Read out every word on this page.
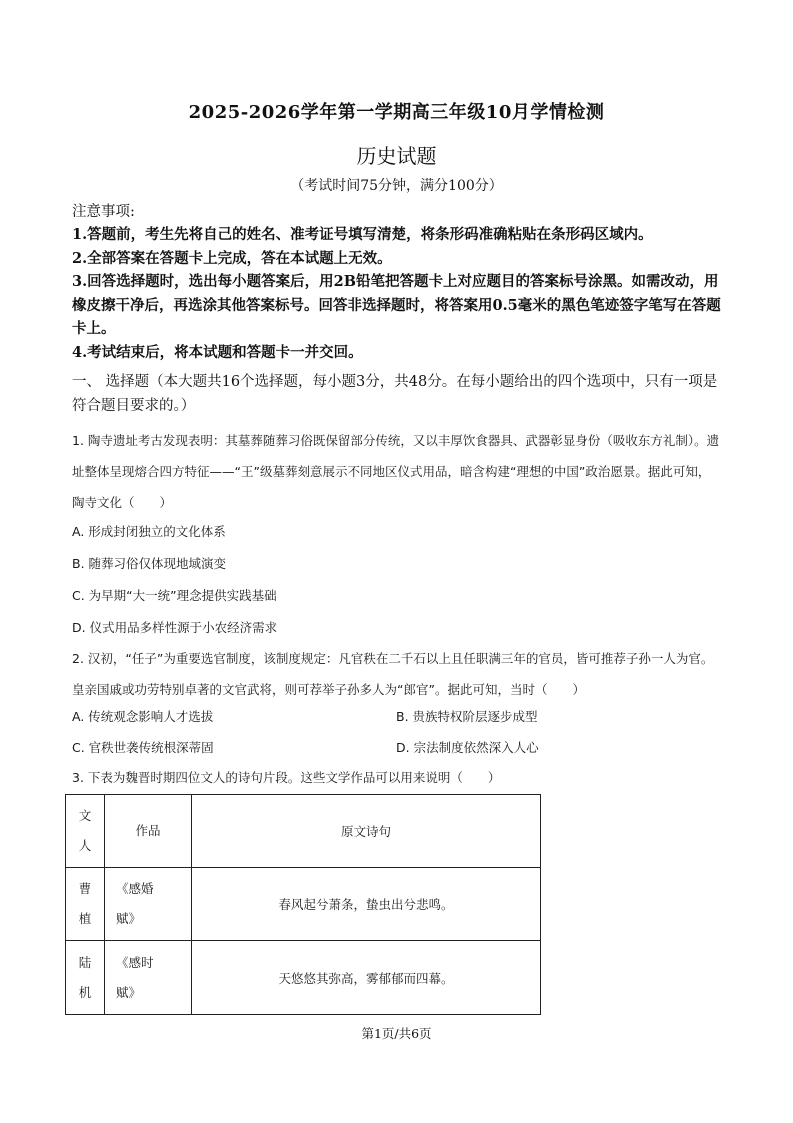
2025-2026学年第一学期高三年级10月学情检测
历史试题
（考试时间75分钟，满分100分）
注意事项:

1.答题前，考生先将自己的姓名、准考证号填写清楚，将条形码准确粘贴在条形码区域内。

2.全部答案在答题卡上完成，答在本试题上无效。

3.回答选择题时，选出每小题答案后，用2B铅笔把答题卡上对应题目的答案标号涂黑。如需改动，用橡皮擦干净后，再选涂其他答案标号。回答非选择题时，将答案用0.5毫米的黑色笔迹签字笔写在答题卡上。

4.考试结束后，将本试题和答题卡一并交回。

一、 选择题（本大题共16个选择题，每小题3分，共48分。在每小题给出的四个选项中，只有一项是符合题目要求的。）

1. 陶寺遗址考古发现表明：其墓葬随葬习俗既保留部分传统，又以丰厚饮食器具、武器彰显身份（吸收东方礼制）。遗址整体呈现熔合四方特征——“王”级墓葬刻意展示不同地区仪式用品，暗含构建“理想的中国”政治愿景。据此可知，陶寺文化（　　）

A. 形成封闭独立的文化体系

B. 随葬习俗仅体现地域演变

C. 为早期“大一统”理念提供实践基础

D. 仪式用品多样性源于小农经济需求

2. 汉初，“任子”为重要选官制度，该制度规定：凡官秩在二千石以上且任职满三年的官员，皆可推荐子孙一人为官。皇亲国戚或功劳特别卓著的文官武将，则可荐举子孙多人为“郎官”。据此可知，当时（　　）

A. 传统观念影响人才选拔	B. 贵族特权阶层逐步成型
C. 官秩世袭传统根深蒂固	D. 宗法制度依然深入人心

3. 下表为魏晋时期四位文人的诗句片段。这些文学作品可以用来说明（　　）

文
人	作品	原文诗句

曹
植	《感婚
赋》	春风起兮萧条，蛰虫出兮悲鸣。

陆
机	《感时
赋》	天悠悠其弥高，雾郁郁而四幕。
第1页/共6页
